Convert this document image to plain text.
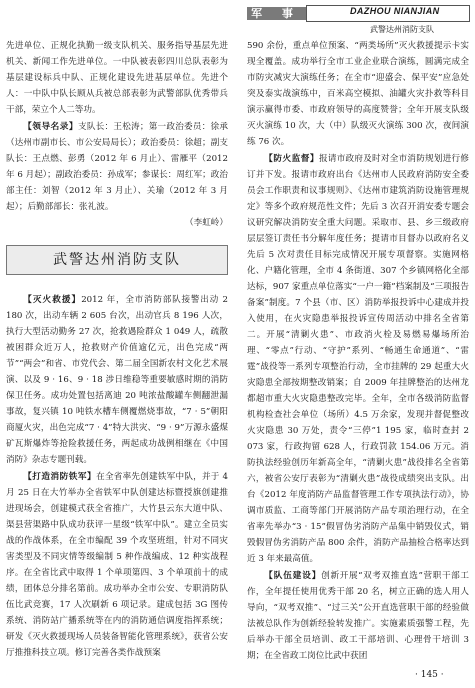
军 事	DAZHOU NIANJIAN
武警达州消防支队

先进单位、正规化执勤一级支队机关、服务指导基层先进机关、新闻工作先进单位。一中队被表彰四川总队表彰为基层建设标兵中队、正规化建设先进基层单位。先进个人：一中队中队长顾从兵被总部表彰为武警部队优秀带兵干部，荣立个人二等功。

【领导名录】支队长：王松涛；第一政治委员：徐承（达州市副市长、市公安局局长）；政治委员：徐超；副支队长：王点燃、彭勇（2012 年 6 月止）、雷雁平（2012 年 6 月起）；副政治委员：孙成军；参谋长：周红军；政治部主任：刘智（2012 年 3 月止）、关瑜（2012 年 3 月起）；后勤部部长：张礼波。

（李虹岭）

武警达州消防支队

【灭火救援】2012 年，全市消防部队接警出动 2 180 次，出动车辆 2 605 台次，出动官兵 8 196 人次，执行大型活动勤务 27 次，抢救遇险群众 1 049 人，疏散被困群众近万人，抢救财产价值逾亿元，出色完成“两节”“两会”和省、市党代会、第二届全国新农村文化艺术展演、以及 9 · 16、9 · 18 涉日维稳等重要敏感时期的消防保卫任务。成功处置包括离迪 20 吨浓盐酸罐车侧翻泄漏事故，复兴镇 10 吨铁水槽车侧覆燃烧事故，“7 · 5”朝阳商厦火灾，出色完成“7 · 4”特大洪灾、“9 · 9”万源永盛煤矿瓦斯爆炸等抢险救援任务，两起成功战例相继在《中国消防》杂志专题刊载。

【打造消防铁军】在全省率先创建铁军中队，并于 4 月 25 日在大竹举办全省铁军中队创建达标暨授旗创建推进现场会，创建模式获全省推广，大竹县云东大道中队、渠县营渠路中队成功获评一星级“铁军中队”。建立全员实战的作战体系，在全市编配 39 个攻坚班组，针对不同灾害类型及不同灾情等级编制 5 种作战编成、12 种实战程序。在全省比武中取得 1 个单项第四、3 个单项前十的成绩，团体总分排名第前。成功举办全市公安、专职消防队伍比武竞赛，17 人次刷新 6 项记录。建成包括 3G 图传系统、消防站广播系统等在内的消防通信调度指挥系统；研发《灭火救援现场人员装备智能化管理系统》，获省公安厅推推科技立项。修订完善各类作战预案

590 余份，重点单位预案、“两类场所”灭火救援提示卡实现全覆盖。成功举行全市工业企业联合演练，圆满完成全市防灾减灾大演练任务；在全市“迎盛会、保平安”应急处突及泰实战演练中，百米高空模拟、油罐火灾扑救等科目演示赢得市委、市政府领导的高度赞誉；全年开展支队级灭火演练 10 次，大（中）队级灭火演练 300 次，夜间演练 76 次。

【防火监督】报请市政府及时对全市消防规划进行修订并下发。报请市政府出台《达州市人民政府消防安全委员会工作职责和议事规则》、《达州市建筑消防设施管理规定》等多个政府规范性文件；先后 3 次召开消安委专题会议研究解决消防安全重大问题。采取市、县、乡三级政府层层签订责任书分解年度任务；提请市目督办以政府名义先后 5 次对责任目标完成情况开展专项督察。实施网格化、户籍化管理，全市 4 条街道、307 个乡镇网格化全部达标，907 家重点单位落实“一户一籍”档案制及“三项报告备案”制度。7 个县（市、区）消防举报投诉中心建成并投入使用，在火灾隐患举报投诉宣传周活动中排名全省第二。开展“清剿火患”、市政消火栓及易燃易爆场所治理、“零点”行动、“守护”系列、“畅通生命通道”、“雷霆”战役等一系列专项整治行动，全市挂牌的 29 起重大火灾隐患全部按期整改销案；自 2009 年挂牌整治的达州龙都超市重大火灾隐患整改完毕。全年，全市各级消防监督机构检查社会单位（场所）4.5 万余家，发现并督促整改火灾隐患 30 万处，责令“三停”1 195 家，临时查封 2 073 家，行政拘留 628 人，行政罚款 154.06 万元。消防执法经验创历年新高全年，“清剿火患”战役排名全省第六，被省公安厅表彰为“清剿火患”战役成绩突出支队。出台《2012 年度消防产品监督管理工作专项执法行动》，协调市质监、工商等部门开展消防产品专项治理行动，在全省率先举办“3 · 15”假冒伪劣消防产品集中销毁仪式，销毁假冒伪劣消防产品 800 余件，消防产品抽检合格率达到近 3 年来最高值。

【队伍建设】创新开展“双考双推直选”营职干部工作，全年提任使用优秀干部 20 名，树立正确的选人用人导向，“双考双推”、“过三关”公开直选营职干部的经验做法被总队作为创新经验转发推广。实施素质强警工程，先后举办干部全员培训、政工干部培训、心理骨干培训 3 期；在全省政工岗位比武中获团

· 145 ·
